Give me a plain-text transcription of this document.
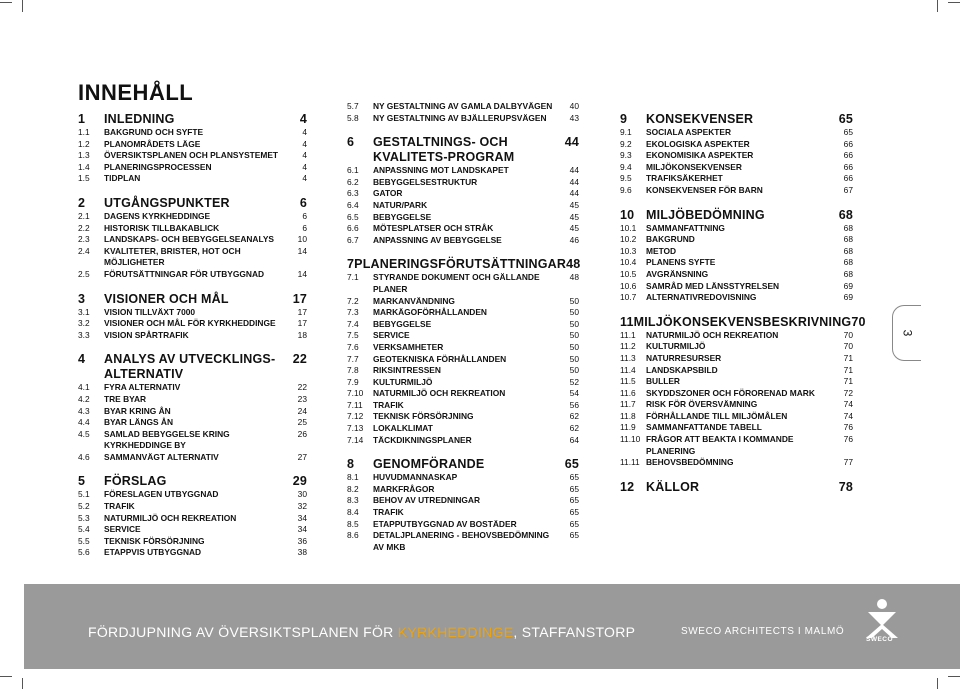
INNEHÅLL
1	INLEDNING	4
1.1	BAKGRUND OCH SYFTE	4
1.2	PLANOMRÅDETS LÄGE	4
1.3	ÖVERSIKTSPLANEN OCH PLANSYSTEMET	4
1.4	PLANERINGSPROCESSEN	4
1.5	TIDPLAN	4
2	UTGÅNGSPUNKTER	6
2.1	DAGENS KYRKHEDDINGE	6
2.2	HISTORISK TILLBAKABLICK	6
2.3	LANDSKAPS- OCH BEBYGGELSEANALYS	10
2.4	KVALITETER, BRISTER, HOT OCH MÖJLIGHETER
14
2.5	FÖRUTSÄTTNINGAR FÖR UTBYGGNAD	14
3	VISIONER OCH MÅL	17
3.1	VISION TILLVÄXT 7000	17
3.2	VISIONER OCH MÅL FÖR KYRKHEDDINGE	17
3.3	VISION SPÅRTRAFIK	18
4	ANALYS AV UTVECKLINGS-ALTERNATIV
22
4.1	FYRA ALTERNATIV	22
4.2	TRE BYAR	23
4.3	BYAR KRING ÅN	24
4.4	BYAR LÄNGS ÅN	25
4.5	SAMLAD BEBYGGELSE KRING KYRKHEDDINGE BY
26
4.6	SAMMANVÄGT ALTERNATIV	27
5	FÖRSLAG	29
5.1	FÖRESLAGEN UTBYGGNAD	30
5.2	TRAFIK	32
5.3	NATURMILJÖ OCH REKREATION	34
5.4	SERVICE	34
5.5	TEKNISK FÖRSÖRJNING	36
5.6	ETAPPVIS UTBYGGNAD	38
5.7	NY GESTALTNING AV GAMLA DALBYVÄGEN	40
5.8	NY GESTALTNING AV BJÄLLERUPSVÄGEN	43
6	GESTALTNINGS- OCH KVALITETS-PROGRAM
44
6.1	ANPASSNING MOT LANDSKAPET	44
6.2	BEBYGGELSESTRUKTUR	44
6.3	GATOR	44
6.4	NATUR/PARK	45
6.5	BEBYGGELSE	45
6.6	MÖTESPLATSER OCH STRÅK	45
6.7	ANPASSNING AV BEBYGGELSE	46
7 PLANERINGSFÖRUTSÄTTNINGAR 48
7.1	STYRANDE DOKUMENT OCH GÄLLANDE PLANER
48
7.2	MARKANVÄNDNING	50
7.3	MARKÄGOFÖRHÅLLANDEN	50
7.4	BEBYGGELSE	50
7.5	SERVICE	50
7.6	VERKSAMHETER	50
7.7	GEOTEKNISKA FÖRHÅLLANDEN	50
7.8	RIKSINTRESSEN	50
7.9	KULTURMILJÖ	52
7.10	NATURMILJÖ OCH REKREATION	54
7.11	TRAFIK	56
7.12	TEKNISK FÖRSÖRJNING	62
7.13	LOKALKLIMAT	62
7.14	TÄCKDIKNINGSPLANER	64
8	GENOMFÖRANDE	65
8.1	HUVUDMANNASKAP	65
8.2	MARKFRÅGOR	65
8.3	BEHOV AV UTREDNINGAR	65
8.4	TRAFIK	65
8.5	ETAPPUTBYGGNAD AV BOSTÄDER	65
8.6	DETALJPLANERING - BEHOVSBEDÖMNING AV MKB
65
9	KONSEKVENSER	65
9.1	SOCIALA ASPEKTER	65
9.2	EKOLOGISKA ASPEKTER	66
9.3	EKONOMISIKA ASPEKTER	66
9.4	MILJÖKONSEKVENSER	66
9.5	TRAFIKSÄKERHET	66
9.6	KONSEKVENSER FÖR BARN	67
10 MILJÖBEDÖMNING	68
10.1	SAMMANFATTNING	68
10.2	BAKGRUND	68
10.3	METOD	68
10.4	PLANENS SYFTE	68
10.5	AVGRÄNSNING	68
10.6	SAMRÅD MED LÄNSSTYRELSEN	69
10.7	ALTERNATIVREDOVISNING	69
11 MILJÖKONSEKVENSBESKRIVNING 70
11.1	NATURMILJÖ OCH REKREATION	70
11.2	KULTURMILJÖ	70
11.3	NATURRESURSER	71
11.4	LANDSKAPSBILD	71
11.5	BULLER	71
11.6	SKYDDSZONER OCH FÖRORENAD MARK	72
11.7	RISK FÖR ÖVERSVÄMNING	74
11.8	FÖRHÅLLANDE TILL MILJÖMÅLEN	74
11.9	SAMMANFATTANDE TABELL	76
11.10 FRÅGOR ATT BEAKTA I KOMMANDE PLANERING
76
11.11 BEHOVSBEDÖMNING	77
12 KÄLLOR	78
3
FÖRDJUPNING AV ÖVERSIKTSPLANEN FÖR KYRKHEDDINGE, STAFFANSTORP	SWECO ARCHITECTS I MALMÖ
SWECO
